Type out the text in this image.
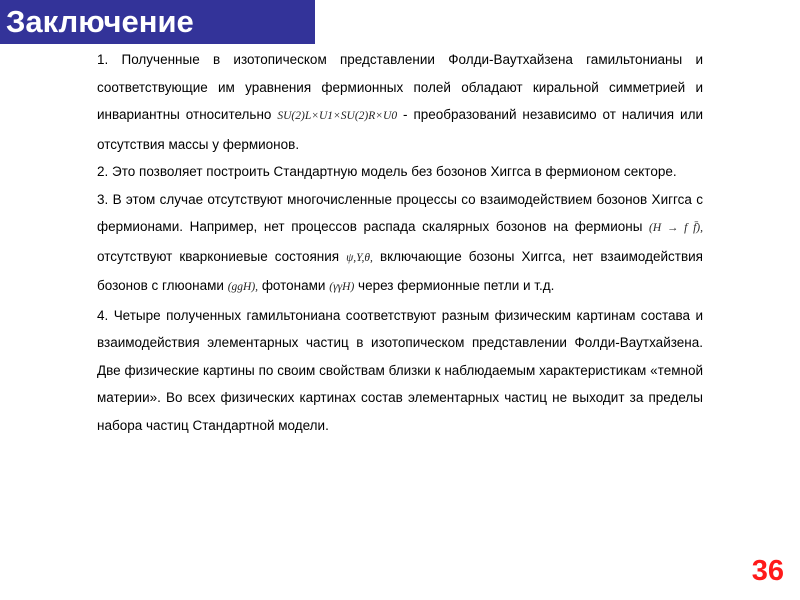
Заключение

1. Полученные в изотопическом представлении Фолди-Ваутхайзена гамильтонианы и соответствующие им уравнения фермионных полей обладают киральной симметрией и инвариантны относительно SU(2)L×U1×SU(2)R×U0 - преобразований независимо от наличия или отсутствия массы у фермионов.

2. Это позволяет построить Стандартную модель без бозонов Хиггса в фермионом секторе.

3. В этом случае отсутствуют многочисленные процессы со взаимодействием бозонов Хиггса с фермионами. Например, нет процессов распада скалярных бозонов на фермионы (H → f f̄), отсутствуют кваркониевые состояния ψ,Υ,θ, включающие бозоны Хиггса, нет взаимодействия бозонов с глюонами (ggH), фотонами (γγH) через фермионные петли и т.д.

4. Четыре полученных гамильтониана соответствуют разным физическим картинам состава и взаимодействия элементарных частиц в изотопическом представлении Фолди-Ваутхайзена. Две физические картины по своим свойствам близки к наблюдаемым характеристикам «темной материи». Во всех физических картинах состав элементарных частиц не выходит за пределы набора частиц Стандартной модели.

36
